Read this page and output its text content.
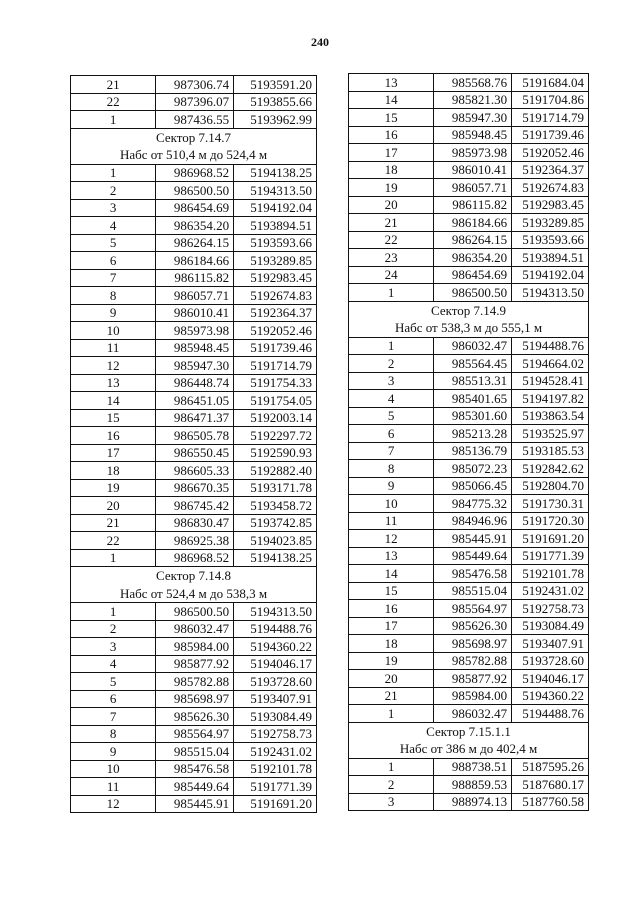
240
21	987306.74	5193591.20
22	987396.07	5193855.66
1	987436.55	5193962.99
Сектор 7.14.7		
Набс от 510,4 м до 524,4 м		
1	986968.52	5194138.25
2	986500.50	5194313.50
3	986454.69	5194192.04
4	986354.20	5193894.51
5	986264.15	5193593.66
6	986184.66	5193289.85
7	986115.82	5192983.45
8	986057.71	5192674.83
9	986010.41	5192364.37
10	985973.98	5192052.46
11	985948.45	5191739.46
12	985947.30	5191714.79
13	986448.74	5191754.33
14	986451.05	5191754.05
15	986471.37	5192003.14
16	986505.78	5192297.72
17	986550.45	5192590.93
18	986605.33	5192882.40
19	986670.35	5193171.78
20	986745.42	5193458.72
21	986830.47	5193742.85
22	986925.38	5194023.85
1	986968.52	5194138.25
Сектор 7.14.8		
Набс от 524,4 м до 538,3 м		
1	986500.50	5194313.50
2	986032.47	5194488.76
3	985984.00	5194360.22
4	985877.92	5194046.17
5	985782.88	5193728.60
6	985698.97	5193407.91
7	985626.30	5193084.49
8	985564.97	5192758.73
9	985515.04	5192431.02
10	985476.58	5192101.78
11	985449.64	5191771.39
12	985445.91	5191691.20
13	985568.76	5191684.04
14	985821.30	5191704.86
15	985947.30	5191714.79
16	985948.45	5191739.46
17	985973.98	5192052.46
18	986010.41	5192364.37
19	986057.71	5192674.83
20	986115.82	5192983.45
21	986184.66	5193289.85
22	986264.15	5193593.66
23	986354.20	5193894.51
24	986454.69	5194192.04
1	986500.50	5194313.50
Сектор 7.14.9		
Набс от 538,3 м до 555,1 м		
1	986032.47	5194488.76
2	985564.45	5194664.02
3	985513.31	5194528.41
4	985401.65	5194197.82
5	985301.60	5193863.54
6	985213.28	5193525.97
7	985136.79	5193185.53
8	985072.23	5192842.62
9	985066.45	5192804.70
10	984775.32	5191730.31
11	984946.96	5191720.30
12	985445.91	5191691.20
13	985449.64	5191771.39
14	985476.58	5192101.78
15	985515.04	5192431.02
16	985564.97	5192758.73
17	985626.30	5193084.49
18	985698.97	5193407.91
19	985782.88	5193728.60
20	985877.92	5194046.17
21	985984.00	5194360.22
1	986032.47	5194488.76
Сектор 7.15.1.1		
Набс от 386 м до 402,4 м		
1	988738.51	5187595.26
2	988859.53	5187680.17
3	988974.13	5187760.58
